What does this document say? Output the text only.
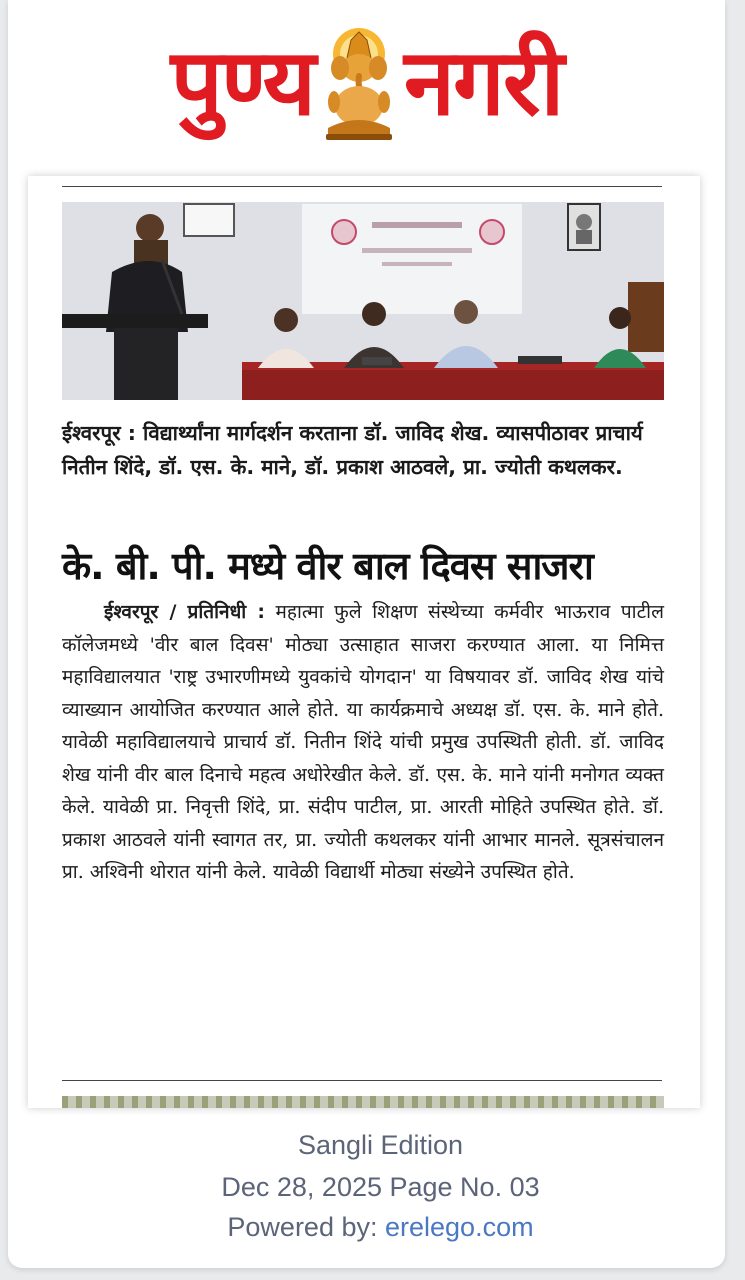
पुण्य नगरी
ईश्वरपूर : विद्यार्थ्यांना मार्गदर्शन करताना डॉ. जाविद शेख. व्यासपीठावर प्राचार्य नितीन शिंदे, डॉ. एस. के. माने, डॉ. प्रकाश आठवले, प्रा. ज्योती कथलकर.
के. बी. पी. मध्ये वीर बाल दिवस साजरा
ईश्वरपूर / प्रतिनिधी : महात्मा फुले शिक्षण संस्थेच्या कर्मवीर भाऊराव पाटील कॉलेजमध्ये 'वीर बाल दिवस' मोठ्या उत्साहात साजरा करण्यात आला. या निमित्त महाविद्यालयात 'राष्ट्र उभारणीमध्ये युवकांचे योगदान' या विषयावर डॉ. जाविद शेख यांचे व्याख्यान आयोजित करण्यात आले होते. या कार्यक्रमाचे अध्यक्ष डॉ. एस. के. माने होते. यावेळी महाविद्यालयाचे प्राचार्य डॉ. नितीन शिंदे यांची प्रमुख उपस्थिती होती. डॉ. जाविद शेख यांनी वीर बाल दिनाचे महत्व अधोरेखीत केले. डॉ. एस. के. माने यांनी मनोगत व्यक्त केले. यावेळी प्रा. निवृत्ती शिंदे, प्रा. संदीप पाटील, प्रा. आरती मोहिते उपस्थित होते. डॉ. प्रकाश आठवले यांनी स्वागत तर, प्रा. ज्योती कथलकर यांनी आभार मानले. सूत्रसंचालन प्रा. अश्विनी थोरात यांनी केले. यावेळी विद्यार्थी मोठ्या संख्येने उपस्थित होते.
Sangli Edition
Dec 28, 2025 Page No. 03
Powered by: erelego.com
